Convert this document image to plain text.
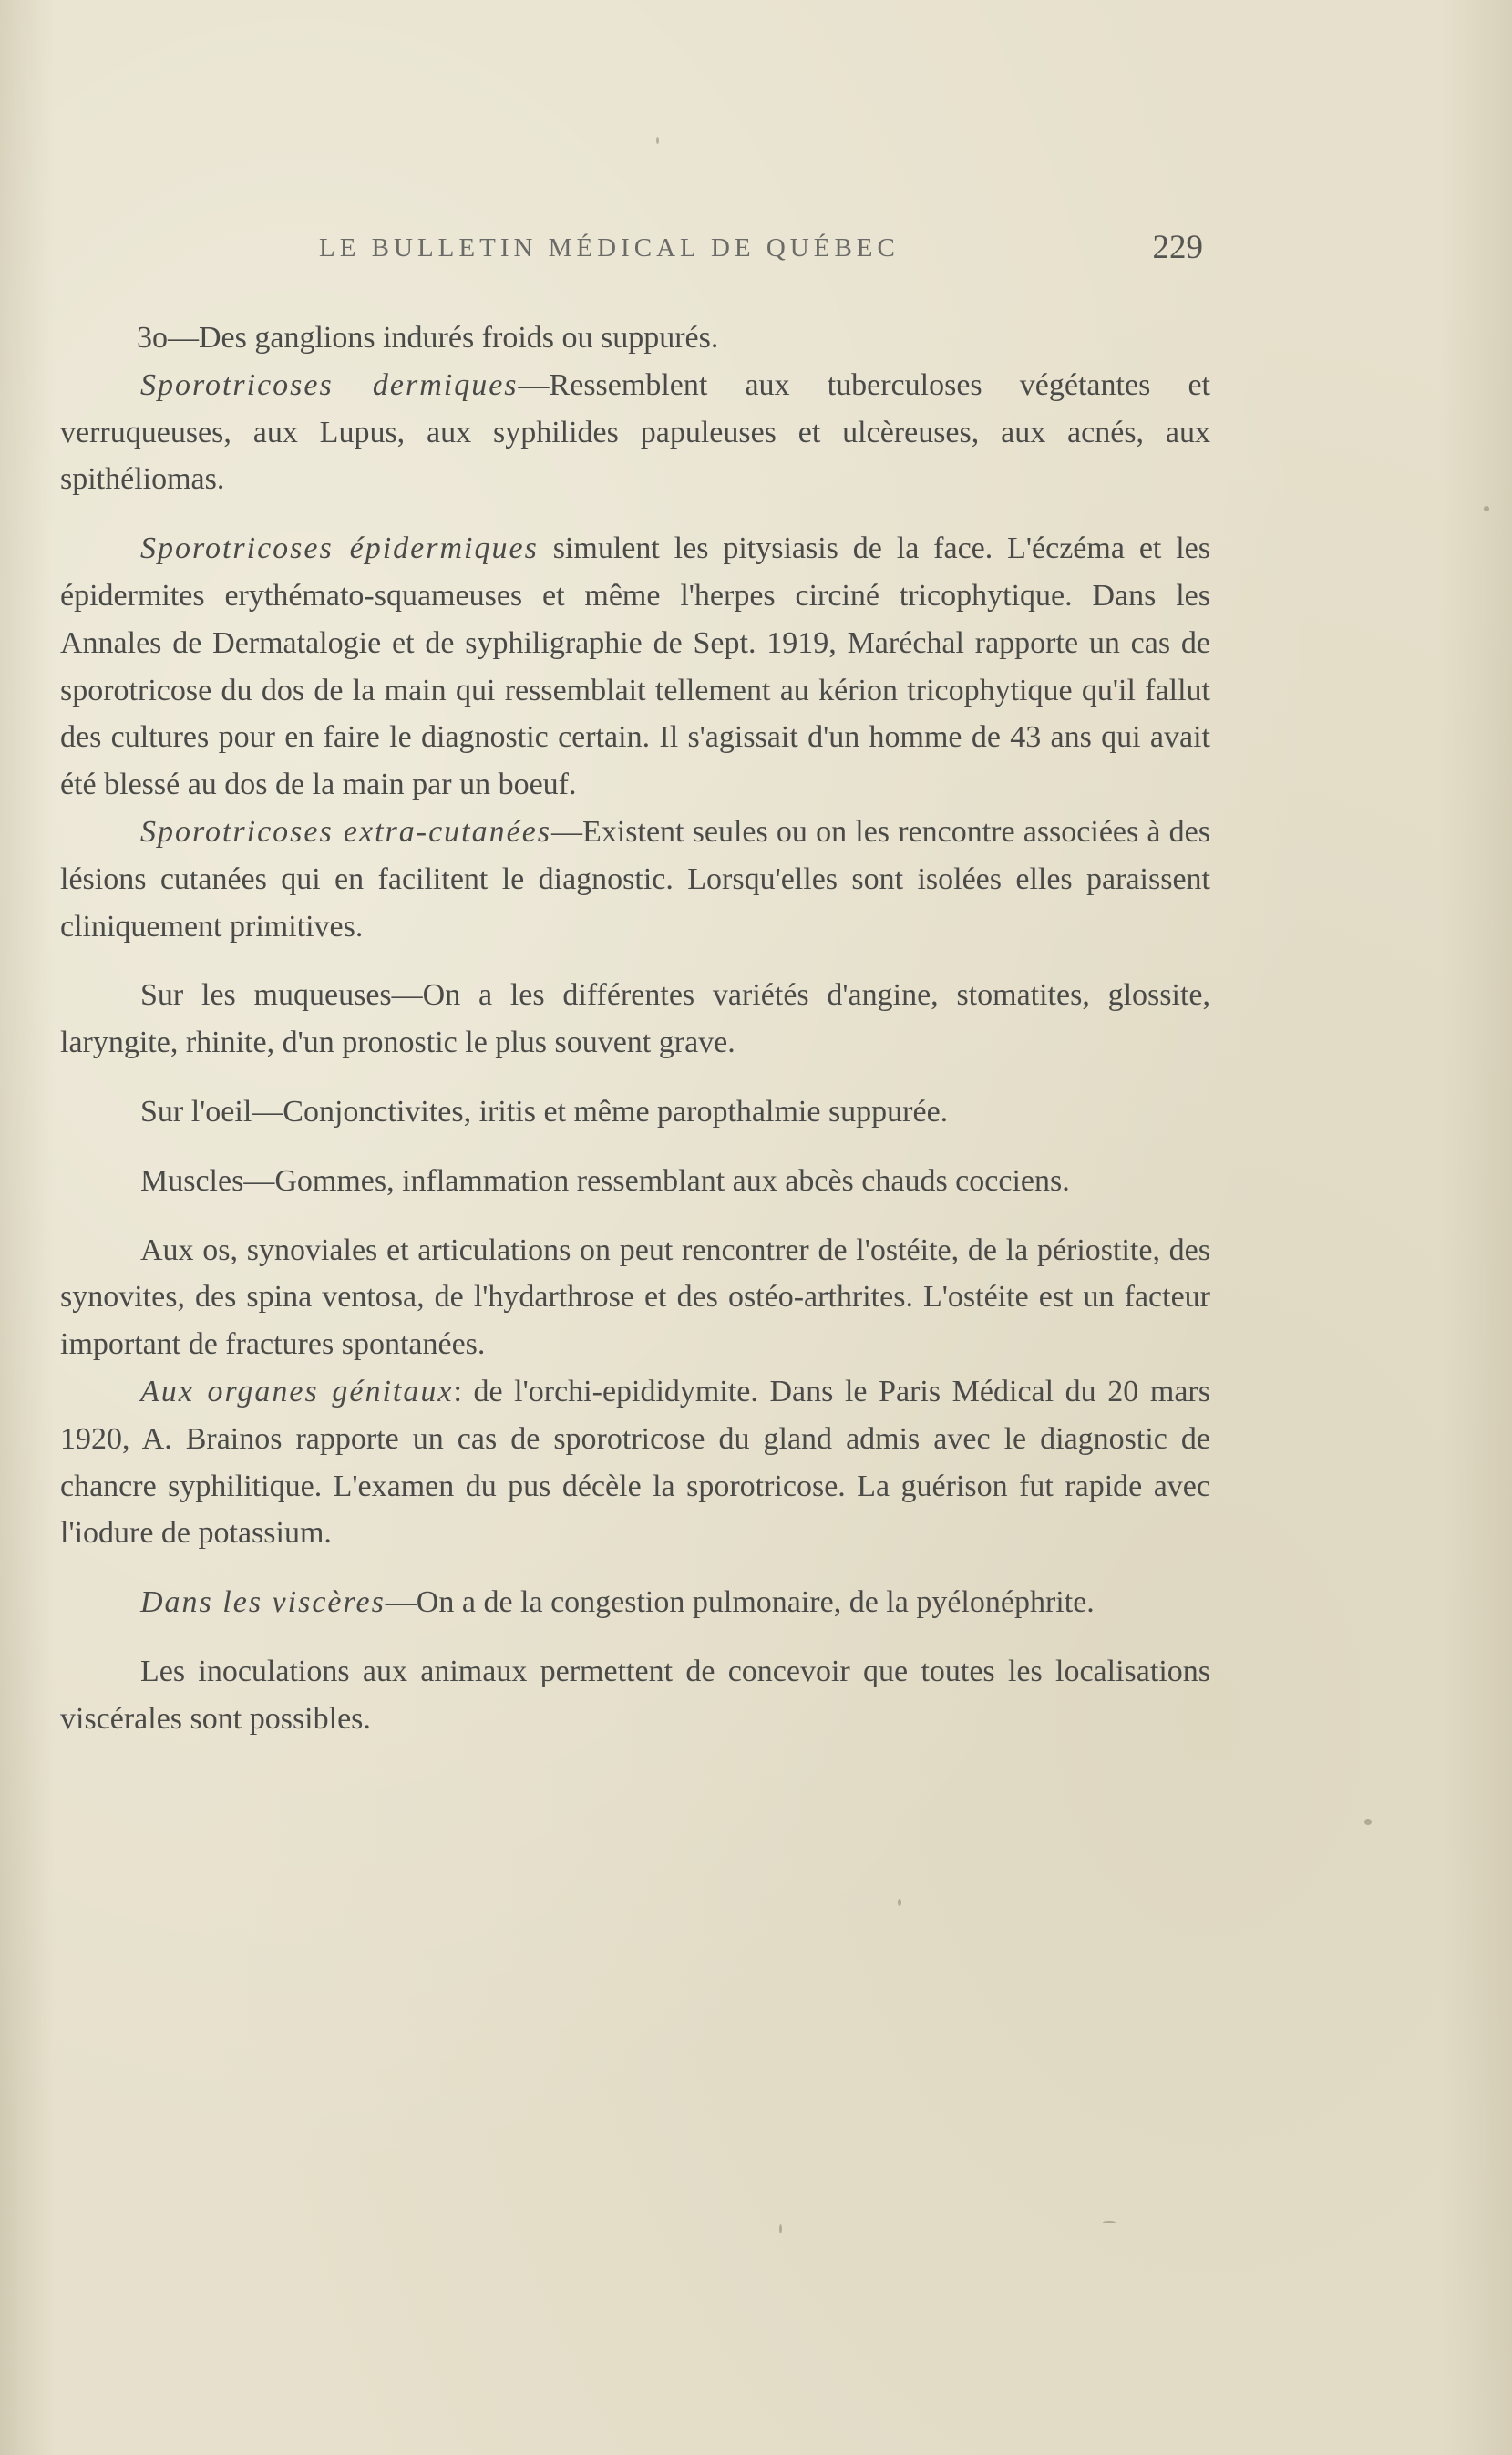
LE BULLETIN MÉDICAL DE QUÉBEC	229

3o—Des ganglions indurés froids ou suppurés.

Sporotricoses dermiques—Ressemblent aux tuberculoses végétantes et verruqueuses, aux Lupus, aux syphilides papuleuses et ulcèreuses, aux acnés, aux spithéliomas.

Sporotricoses épidermiques simulent les pitysiasis de la face. L'éczéma et les épidermites erythémato-squameuses et même l'herpes circiné tricophytique. Dans les Annales de Dermatalogie et de syphiligraphie de Sept. 1919, Maréchal rapporte un cas de sporotricose du dos de la main qui ressemblait tellement au kérion tricophytique qu'il fallut des cultures pour en faire le diagnostic certain. Il s'agissait d'un homme de 43 ans qui avait été blessé au dos de la main par un boeuf.

Sporotricoses extra-cutanées—Existent seules ou on les rencontre associées à des lésions cutanées qui en facilitent le diagnostic. Lorsqu'elles sont isolées elles paraissent cliniquement primitives.

Sur les muqueuses—On a les différentes variétés d'angine, stomatites, glossite, laryngite, rhinite, d'un pronostic le plus souvent grave.

Sur l'oeil—Conjonctivites, iritis et même paropthalmie suppurée.

Muscles—Gommes, inflammation ressemblant aux abcès chauds cocciens.

Aux os, synoviales et articulations on peut rencontrer de l'ostéite, de la périostite, des synovites, des spina ventosa, de l'hydarthrose et des ostéo-arthrites. L'ostéite est un facteur important de fractures spontanées.

Aux organes génitaux: de l'orchi-epididymite. Dans le Paris Médical du 20 mars 1920, A. Brainos rapporte un cas de sporotricose du gland admis avec le diagnostic de chancre syphilitique. L'examen du pus décèle la sporotricose. La guérison fut rapide avec l'iodure de potassium.

Dans les viscères—On a de la congestion pulmonaire, de la pyélonéphrite.

Les inoculations aux animaux permettent de concevoir que toutes les localisations viscérales sont possibles.
